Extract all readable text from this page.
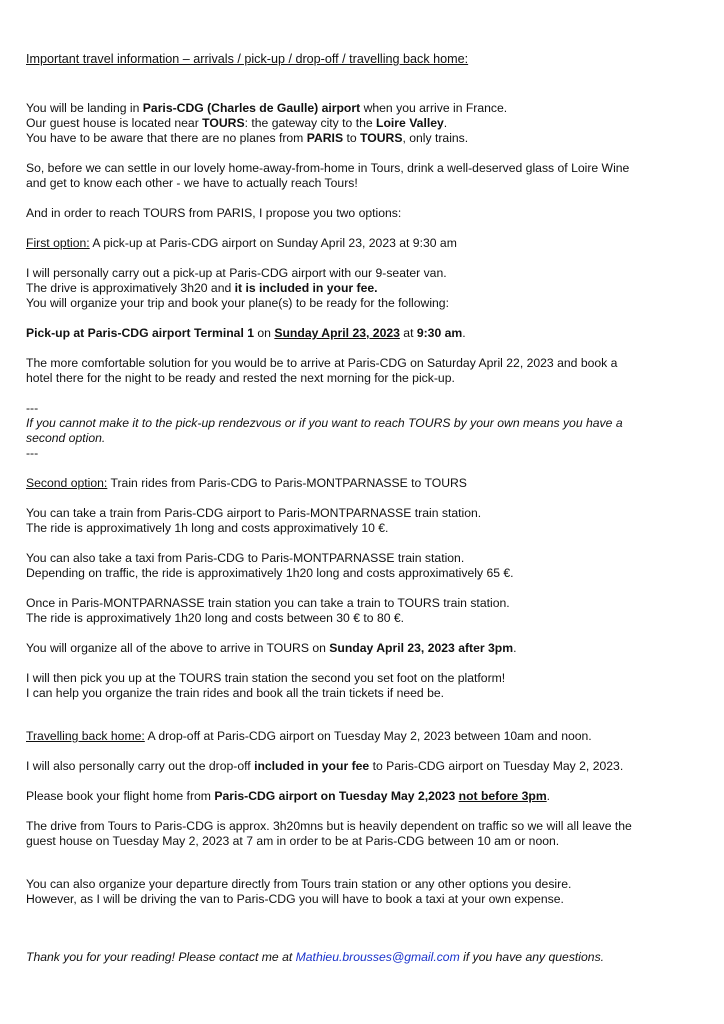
Important travel information – arrivals / pick-up / drop-off / travelling back home:

You will be landing in Paris-CDG (Charles de Gaulle) airport when you arrive in France.

Our guest house is located near TOURS: the gateway city to the Loire Valley.

You have to be aware that there are no planes from PARIS to TOURS, only trains.

So, before we can settle in our lovely home-away-from-home in Tours, drink a well-deserved glass of Loire Wine

and get to know each other - we have to actually reach Tours!

And in order to reach TOURS from PARIS, I propose you two options:

First option: A pick-up at Paris-CDG airport on Sunday April 23, 2023 at 9:30 am

I will personally carry out a pick-up at Paris-CDG airport with our 9-seater van.

The drive is approximatively 3h20 and it is included in your fee.

You will organize your trip and book your plane(s) to be ready for the following:

Pick-up at Paris-CDG airport Terminal 1 on Sunday April 23, 2023 at 9:30 am.

The more comfortable solution for you would be to arrive at Paris-CDG on Saturday April 22, 2023 and book a

hotel there for the night to be ready and rested the next morning for the pick-up.

---

If you cannot make it to the pick-up rendezvous or if you want to reach TOURS by your own means you have a

second option.

---

Second option: Train rides from Paris-CDG to Paris-MONTPARNASSE to TOURS

You can take a train from Paris-CDG airport to Paris-MONTPARNASSE train station.

The ride is approximatively 1h long and costs approximatively 10 €.

You can also take a taxi from Paris-CDG to Paris-MONTPARNASSE train station.

Depending on traffic, the ride is approximatively 1h20 long and costs approximatively 65 €.

Once in Paris-MONTPARNASSE train station you can take a train to TOURS train station.

The ride is approximatively 1h20 long and costs between 30 € to 80 €.

You will organize all of the above to arrive in TOURS on Sunday April 23, 2023 after 3pm.

I will then pick you up at the TOURS train station the second you set foot on the platform!

I can help you organize the train rides and book all the train tickets if need be.

Travelling back home: A drop-off at Paris-CDG airport on Tuesday May 2, 2023 between 10am and noon.

I will also personally carry out the drop-off included in your fee to Paris-CDG airport on Tuesday May 2, 2023.

Please book your flight home from Paris-CDG airport on Tuesday May 2,2023 not before 3pm.

The drive from Tours to Paris-CDG is approx. 3h20mns but is heavily dependent on traffic so we will all leave the

guest house on Tuesday May 2, 2023 at 7 am in order to be at Paris-CDG between 10 am or noon.

You can also organize your departure directly from Tours train station or any other options you desire.

However, as I will be driving the van to Paris-CDG you will have to book a taxi at your own expense.

Thank you for your reading! Please contact me at Mathieu.brousses@gmail.com if you have any questions.
